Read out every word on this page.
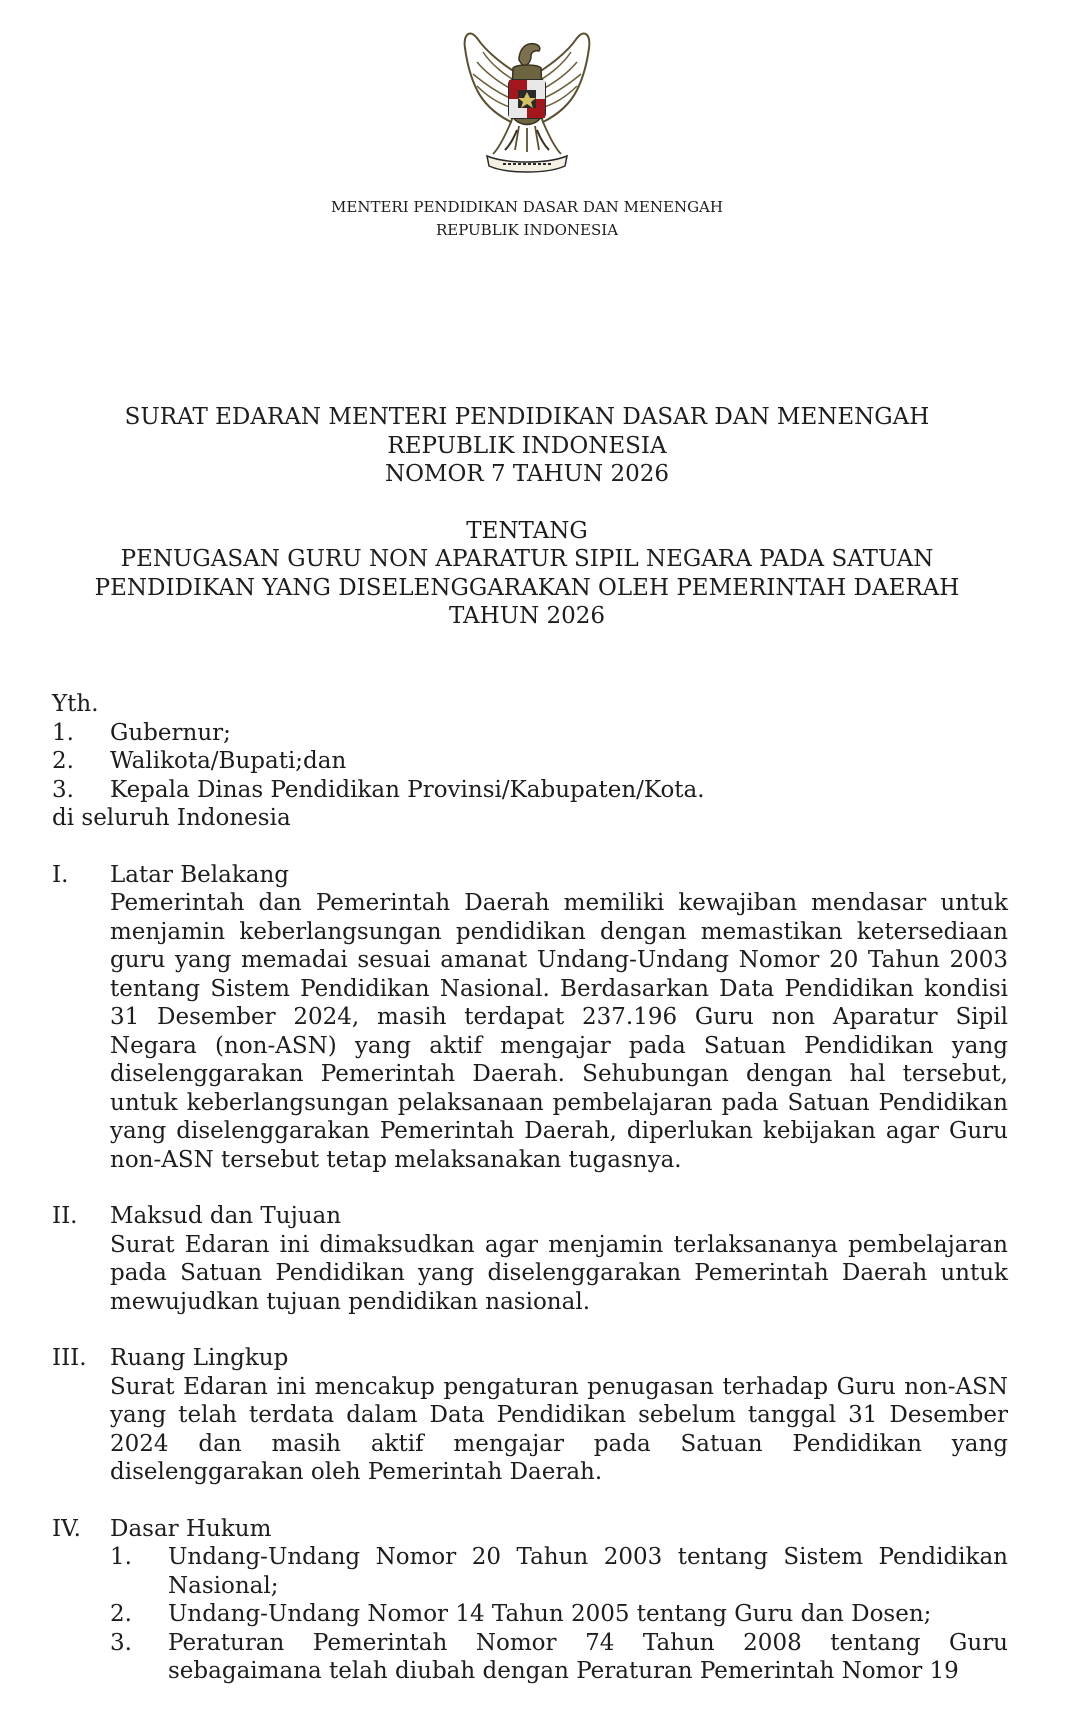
MENTERI PENDIDIKAN DASAR DAN MENENGAH
REPUBLIK INDONESIA
SURAT EDARAN MENTERI PENDIDIKAN DASAR DAN MENENGAH
REPUBLIK INDONESIA
NOMOR 7 TAHUN 2026
TENTANG
PENUGASAN GURU NON APARATUR SIPIL NEGARA PADA SATUAN
PENDIDIKAN YANG DISELENGGARAKAN OLEH PEMERINTAH DAERAH
TAHUN 2026
Yth.
1.	Gubernur;
2.	Walikota/Bupati;dan
3.	Kepala Dinas Pendidikan Provinsi/Kabupaten/Kota.
di seluruh Indonesia
I.	Latar Belakang
Pemerintah dan Pemerintah Daerah memiliki kewajiban mendasar untuk menjamin keberlangsungan pendidikan dengan memastikan ketersediaan guru yang memadai sesuai amanat Undang-Undang Nomor 20 Tahun 2003 tentang Sistem Pendidikan Nasional. Berdasarkan Data Pendidikan kondisi 31 Desember 2024, masih terdapat 237.196 Guru non Aparatur Sipil Negara (non-ASN) yang aktif mengajar pada Satuan Pendidikan yang diselenggarakan Pemerintah Daerah. Sehubungan dengan hal tersebut, untuk keberlangsungan pelaksanaan pembelajaran pada Satuan Pendidikan yang diselenggarakan Pemerintah Daerah, diperlukan kebijakan agar Guru non-ASN tersebut tetap melaksanakan tugasnya.
II.	Maksud dan Tujuan
Surat Edaran ini dimaksudkan agar menjamin terlaksananya pembelajaran pada Satuan Pendidikan yang diselenggarakan Pemerintah Daerah untuk mewujudkan tujuan pendidikan nasional.
III.	Ruang Lingkup
Surat Edaran ini mencakup pengaturan penugasan terhadap Guru non-ASN yang telah terdata dalam Data Pendidikan sebelum tanggal 31 Desember 2024 dan masih aktif mengajar pada Satuan Pendidikan yang diselenggarakan oleh Pemerintah Daerah.
IV.	Dasar Hukum
1.	Undang-Undang Nomor 20 Tahun 2003 tentang Sistem Pendidikan Nasional;
2.	Undang-Undang Nomor 14 Tahun 2005 tentang Guru dan Dosen;
3.	Peraturan Pemerintah Nomor 74 Tahun 2008 tentang Guru sebagaimana telah diubah dengan Peraturan Pemerintah Nomor 19
